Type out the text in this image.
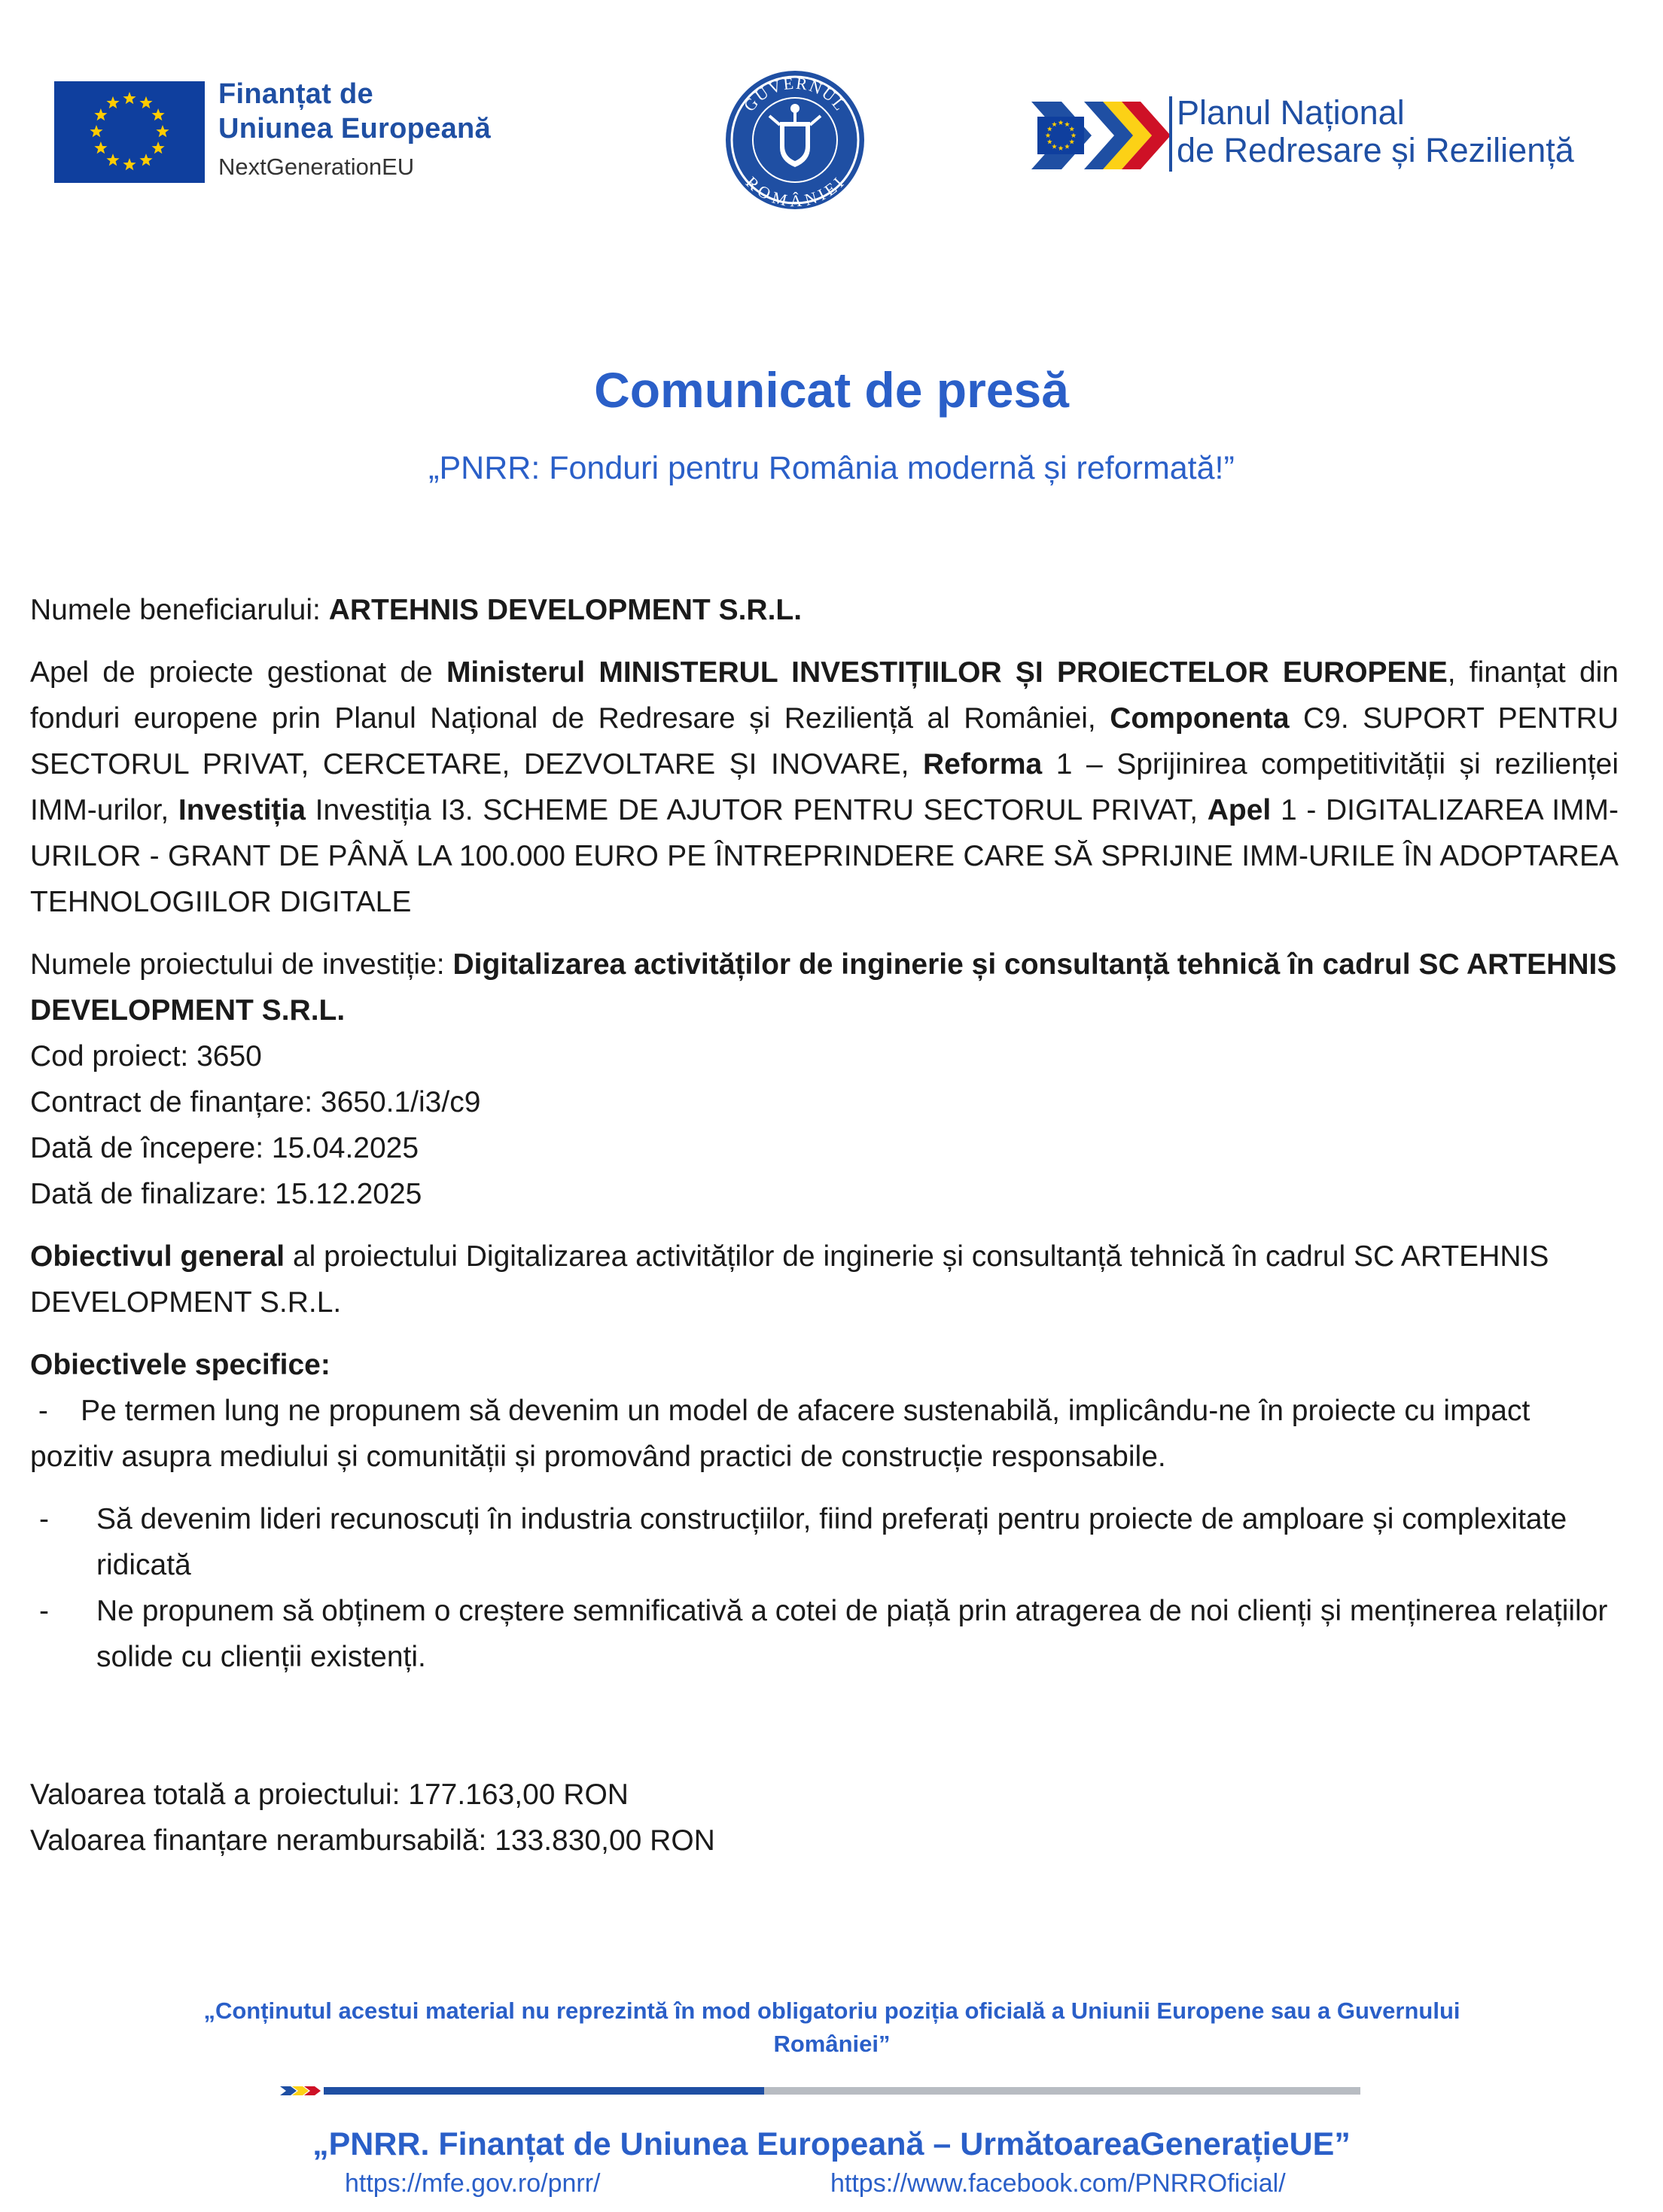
Finanțat de
Uniunea Europeană
NextGenerationEU
GUVERNUL
ROMÂNIEI
Planul Național
de Redresare și Reziliență
Comunicat de presă
„PNRR: Fonduri pentru România modernă și reformată!”

Numele beneficiarului: ARTEHNIS DEVELOPMENT S.R.L.

Apel de proiecte gestionat de Ministerul MINISTERUL INVESTIȚIILOR ȘI PROIECTELOR EUROPENE, finanțat din fonduri europene prin Planul Național de Redresare și Reziliență al României, Componenta C9. SUPORT PENTRU SECTORUL PRIVAT, CERCETARE, DEZVOLTARE ȘI INOVARE, Reforma 1 – Sprijinirea competitivității și rezilienței IMM-urilor, Investiția Investiția I3. SCHEME DE AJUTOR PENTRU SECTORUL PRIVAT, Apel 1 - DIGITALIZAREA IMM-URILOR - GRANT DE PÂNĂ LA 100.000 EURO PE ÎNTREPRINDERE CARE SĂ SPRIJINE IMM-URILE ÎN ADOPTAREA TEHNOLOGIILOR DIGITALE

Numele proiectului de investiție: Digitalizarea activităților de inginerie și consultanță tehnică în cadrul SC ARTEHNIS DEVELOPMENT S.R.L.

Cod proiect: 3650

Contract de finanțare: 3650.1/i3/c9

Dată de începere: 15.04.2025

Dată de finalizare: 15.12.2025

Obiectivul general al proiectului Digitalizarea activităților de inginerie și consultanță tehnică în cadrul SC ARTEHNIS DEVELOPMENT S.R.L.

Obiectivele specifice:

-    Pe termen lung ne propunem să devenim un model de afacere sustenabilă, implicându-ne în proiecte cu impact pozitiv asupra mediului și comunității și promovând practici de construcție responsabile.

-	Să devenim lideri recunoscuți în industria construcțiilor, fiind preferați pentru proiecte de amploare și complexitate ridicată
-	Ne propunem să obținem o creștere semnificativă a cotei de piață prin atragerea de noi clienți și menținerea relațiilor solide cu clienții existenți.

Valoarea totală a proiectului: 177.163,00 RON

Valoarea finanțare nerambursabilă: 133.830,00 RON

„Conținutul acestui material nu reprezintă în mod obligatoriu poziția oficială a Uniunii Europene sau a Guvernului României”
„PNRR. Finanțat de Uniunea Europeană – UrmătoareaGenerațieUE”
https://mfe.gov.ro/pnrr/	https://www.facebook.com/PNRROficial/
